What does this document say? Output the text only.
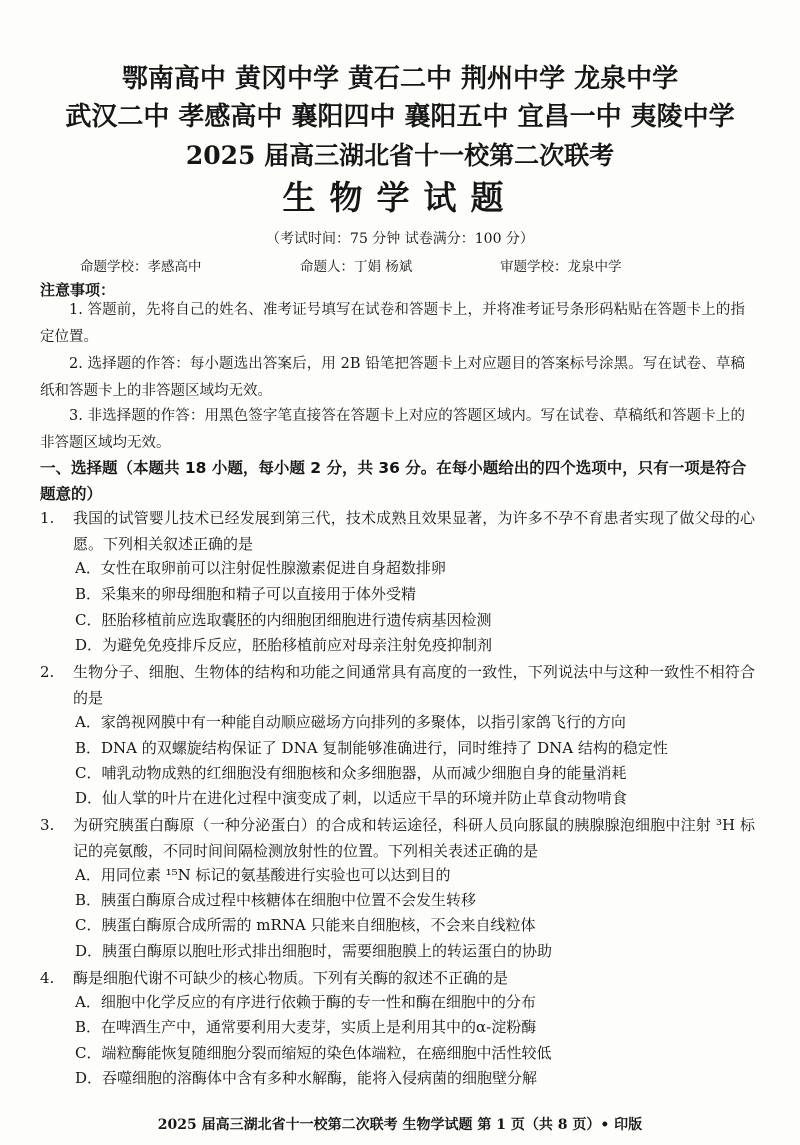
鄂南高中 黄冈中学 黄石二中 荆州中学 龙泉中学
武汉二中 孝感高中 襄阳四中 襄阳五中 宜昌一中 夷陵中学
2025 届高三湖北省十一校第二次联考
生物学试题
（考试时间：75 分钟 试卷满分：100 分）
命题学校：孝感高中	命题人：丁娟 杨斌	审题学校：龙泉中学
注意事项：
1. 答题前，先将自己的姓名、准考证号填写在试卷和答题卡上，并将准考证号条形码粘贴在答题卡上的指定位置。
2. 选择题的作答：每小题选出答案后，用 2B 铅笔把答题卡上对应题目的答案标号涂黑。写在试卷、草稿纸和答题卡上的非答题区域均无效。
3. 非选择题的作答：用黑色签字笔直接答在答题卡上对应的答题区域内。写在试卷、草稿纸和答题卡上的非答题区域均无效。
一、选择题（本题共 18 小题，每小题 2 分，共 36 分。在每小题给出的四个选项中，只有一项是符合题意的）
1. 我国的试管婴儿技术已经发展到第三代，技术成熟且效果显著，为许多不孕不育患者实现了做父母的心愿。下列相关叙述正确的是
A．女性在取卵前可以注射促性腺激素促进自身超数排卵
B．采集来的卵母细胞和精子可以直接用于体外受精
C．胚胎移植前应选取囊胚的内细胞团细胞进行遗传病基因检测
D．为避免免疫排斥反应，胚胎移植前应对母亲注射免疫抑制剂
2. 生物分子、细胞、生物体的结构和功能之间通常具有高度的一致性，下列说法中与这种一致性不相符合的是
A．家鸽视网膜中有一种能自动顺应磁场方向排列的多聚体，以指引家鸽飞行的方向
B．DNA 的双螺旋结构保证了 DNA 复制能够准确进行，同时维持了 DNA 结构的稳定性
C．哺乳动物成熟的红细胞没有细胞核和众多细胞器，从而减少细胞自身的能量消耗
D．仙人掌的叶片在进化过程中演变成了刺，以适应干旱的环境并防止草食动物啃食
3. 为研究胰蛋白酶原（一种分泌蛋白）的合成和转运途径，科研人员向豚鼠的胰腺腺泡细胞中注射 ³H 标记的亮氨酸，不同时间间隔检测放射性的位置。下列相关表述正确的是
A．用同位素 ¹⁵N 标记的氨基酸进行实验也可以达到目的
B．胰蛋白酶原合成过程中核糖体在细胞中位置不会发生转移
C．胰蛋白酶原合成所需的 mRNA 只能来自细胞核，不会来自线粒体
D．胰蛋白酶原以胞吐形式排出细胞时，需要细胞膜上的转运蛋白的协助
4. 酶是细胞代谢不可缺少的核心物质。下列有关酶的叙述不正确的是
A．细胞中化学反应的有序进行依赖于酶的专一性和酶在细胞中的分布
B．在啤酒生产中，通常要利用大麦芽，实质上是利用其中的α-淀粉酶
C．端粒酶能恢复随细胞分裂而缩短的染色体端粒，在癌细胞中活性较低
D．吞噬细胞的溶酶体中含有多种水解酶，能将入侵病菌的细胞壁分解
2025 届高三湖北省十一校第二次联考 生物学试题 第 1 页（共 8 页）• 印版
